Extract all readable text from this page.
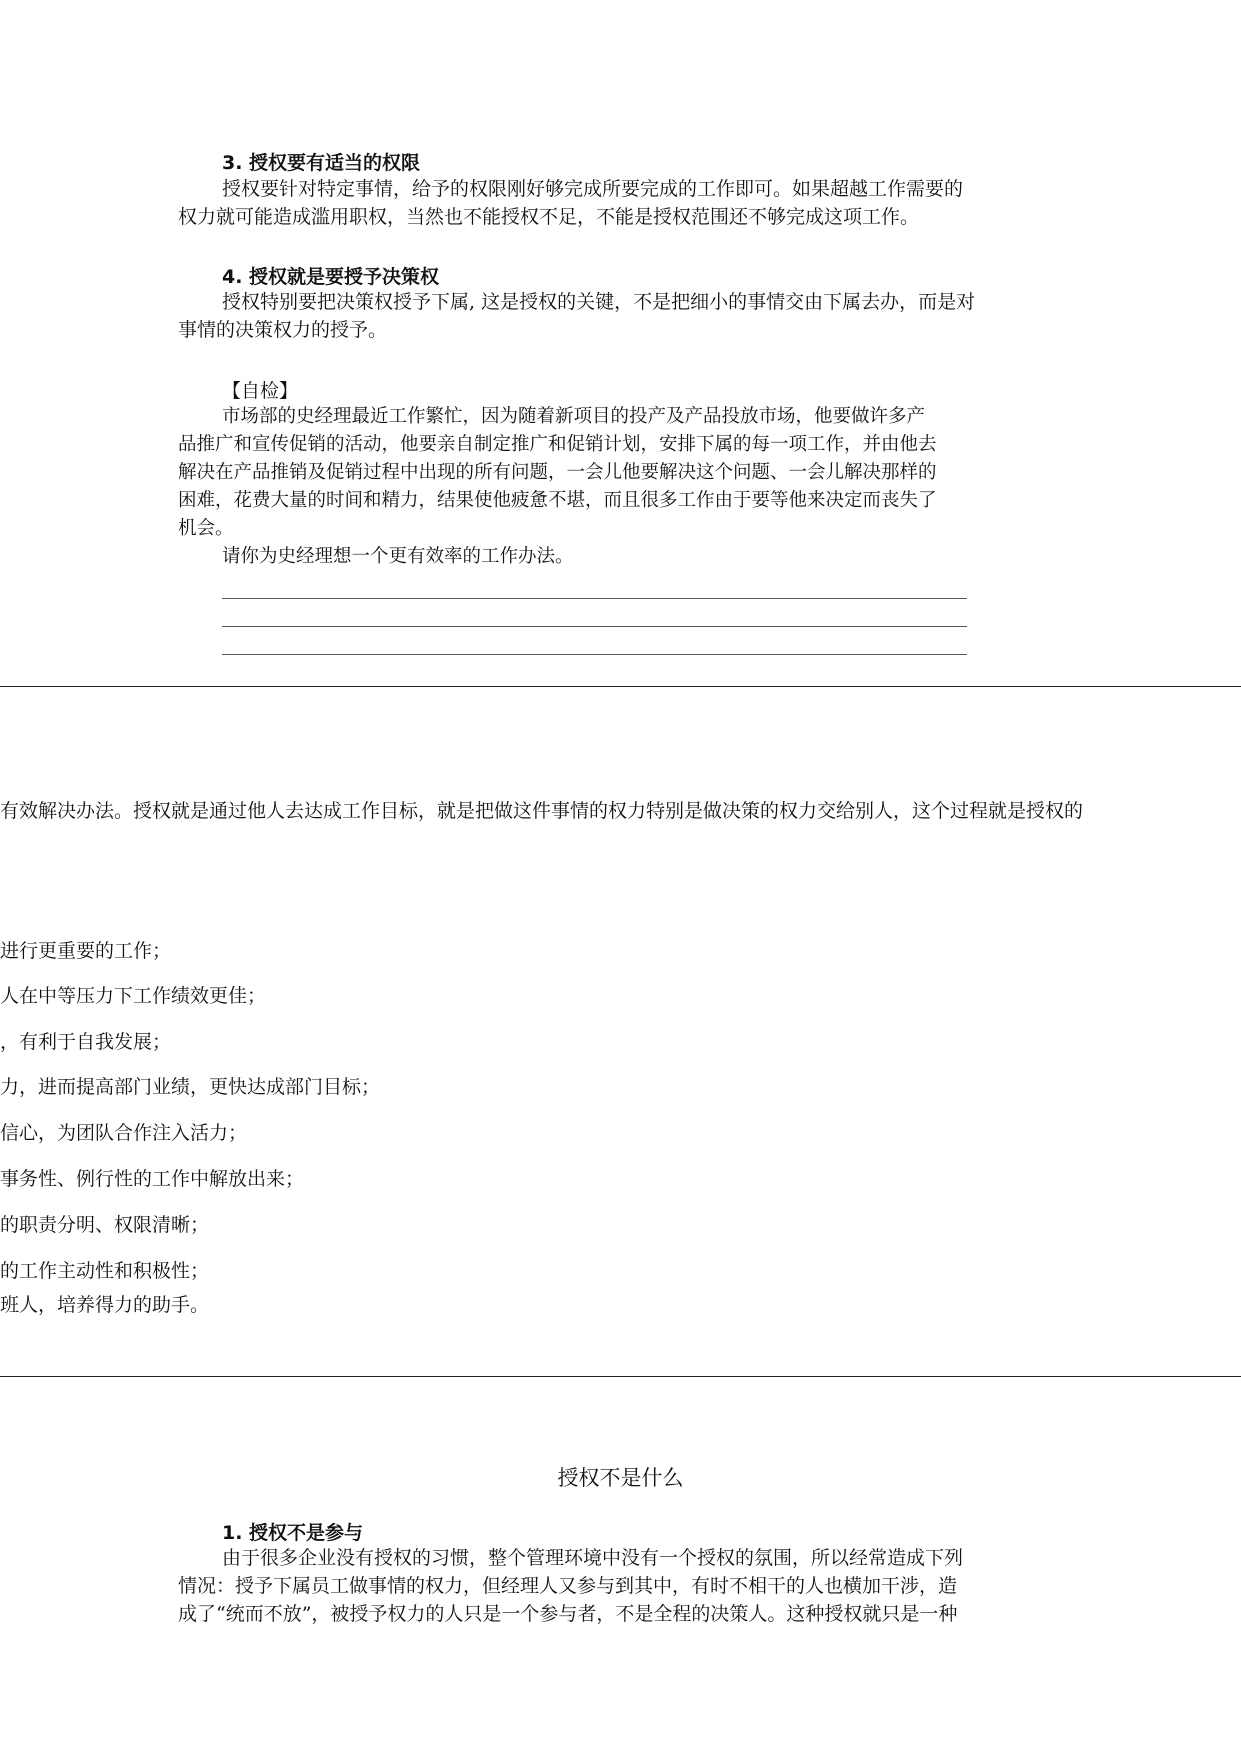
3. 授权要有适当的权限
授权要针对特定事情，给予的权限刚好够完成所要完成的工作即可。如果超越工作需要的
权力就可能造成滥用职权，当然也不能授权不足，不能是授权范围还不够完成这项工作。
4. 授权就是要授予决策权
授权特别要把决策权授予下属, 这是授权的关键，不是把细小的事情交由下属去办，而是对
事情的决策权力的授予。
【自检】
市场部的史经理最近工作繁忙，因为随着新项目的投产及产品投放市场，他要做许多产
品推广和宣传促销的活动，他要亲自制定推广和促销计划，安排下属的每一项工作，并由他去
解决在产品推销及促销过程中出现的所有问题，一会儿他要解决这个问题、一会儿解决那样的
困难，花费大量的时间和精力，结果使他疲惫不堪，而且很多工作由于要等他来决定而丧失了
机会。
请你为史经理想一个更有效率的工作办法。
有效解决办法。授权就是通过他人去达成工作目标，就是把做这件事情的权力特别是做决策的权力交给别人，这个过程就是授权的
进行更重要的工作；
人在中等压力下工作绩效更佳；
，有利于自我发展；
力，进而提高部门业绩，更快达成部门目标；
信心，为团队合作注入活力；
事务性、例行性的工作中解放出来；
的职责分明、权限清晰；
的工作主动性和积极性；
班人，培养得力的助手。
授权不是什么
1. 授权不是参与
由于很多企业没有授权的习惯，整个管理环境中没有一个授权的氛围，所以经常造成下列
情况：授予下属员工做事情的权力，但经理人又参与到其中，有时不相干的人也横加干涉，造
成了“统而不放”，被授予权力的人只是一个参与者，不是全程的决策人。这种授权就只是一种
